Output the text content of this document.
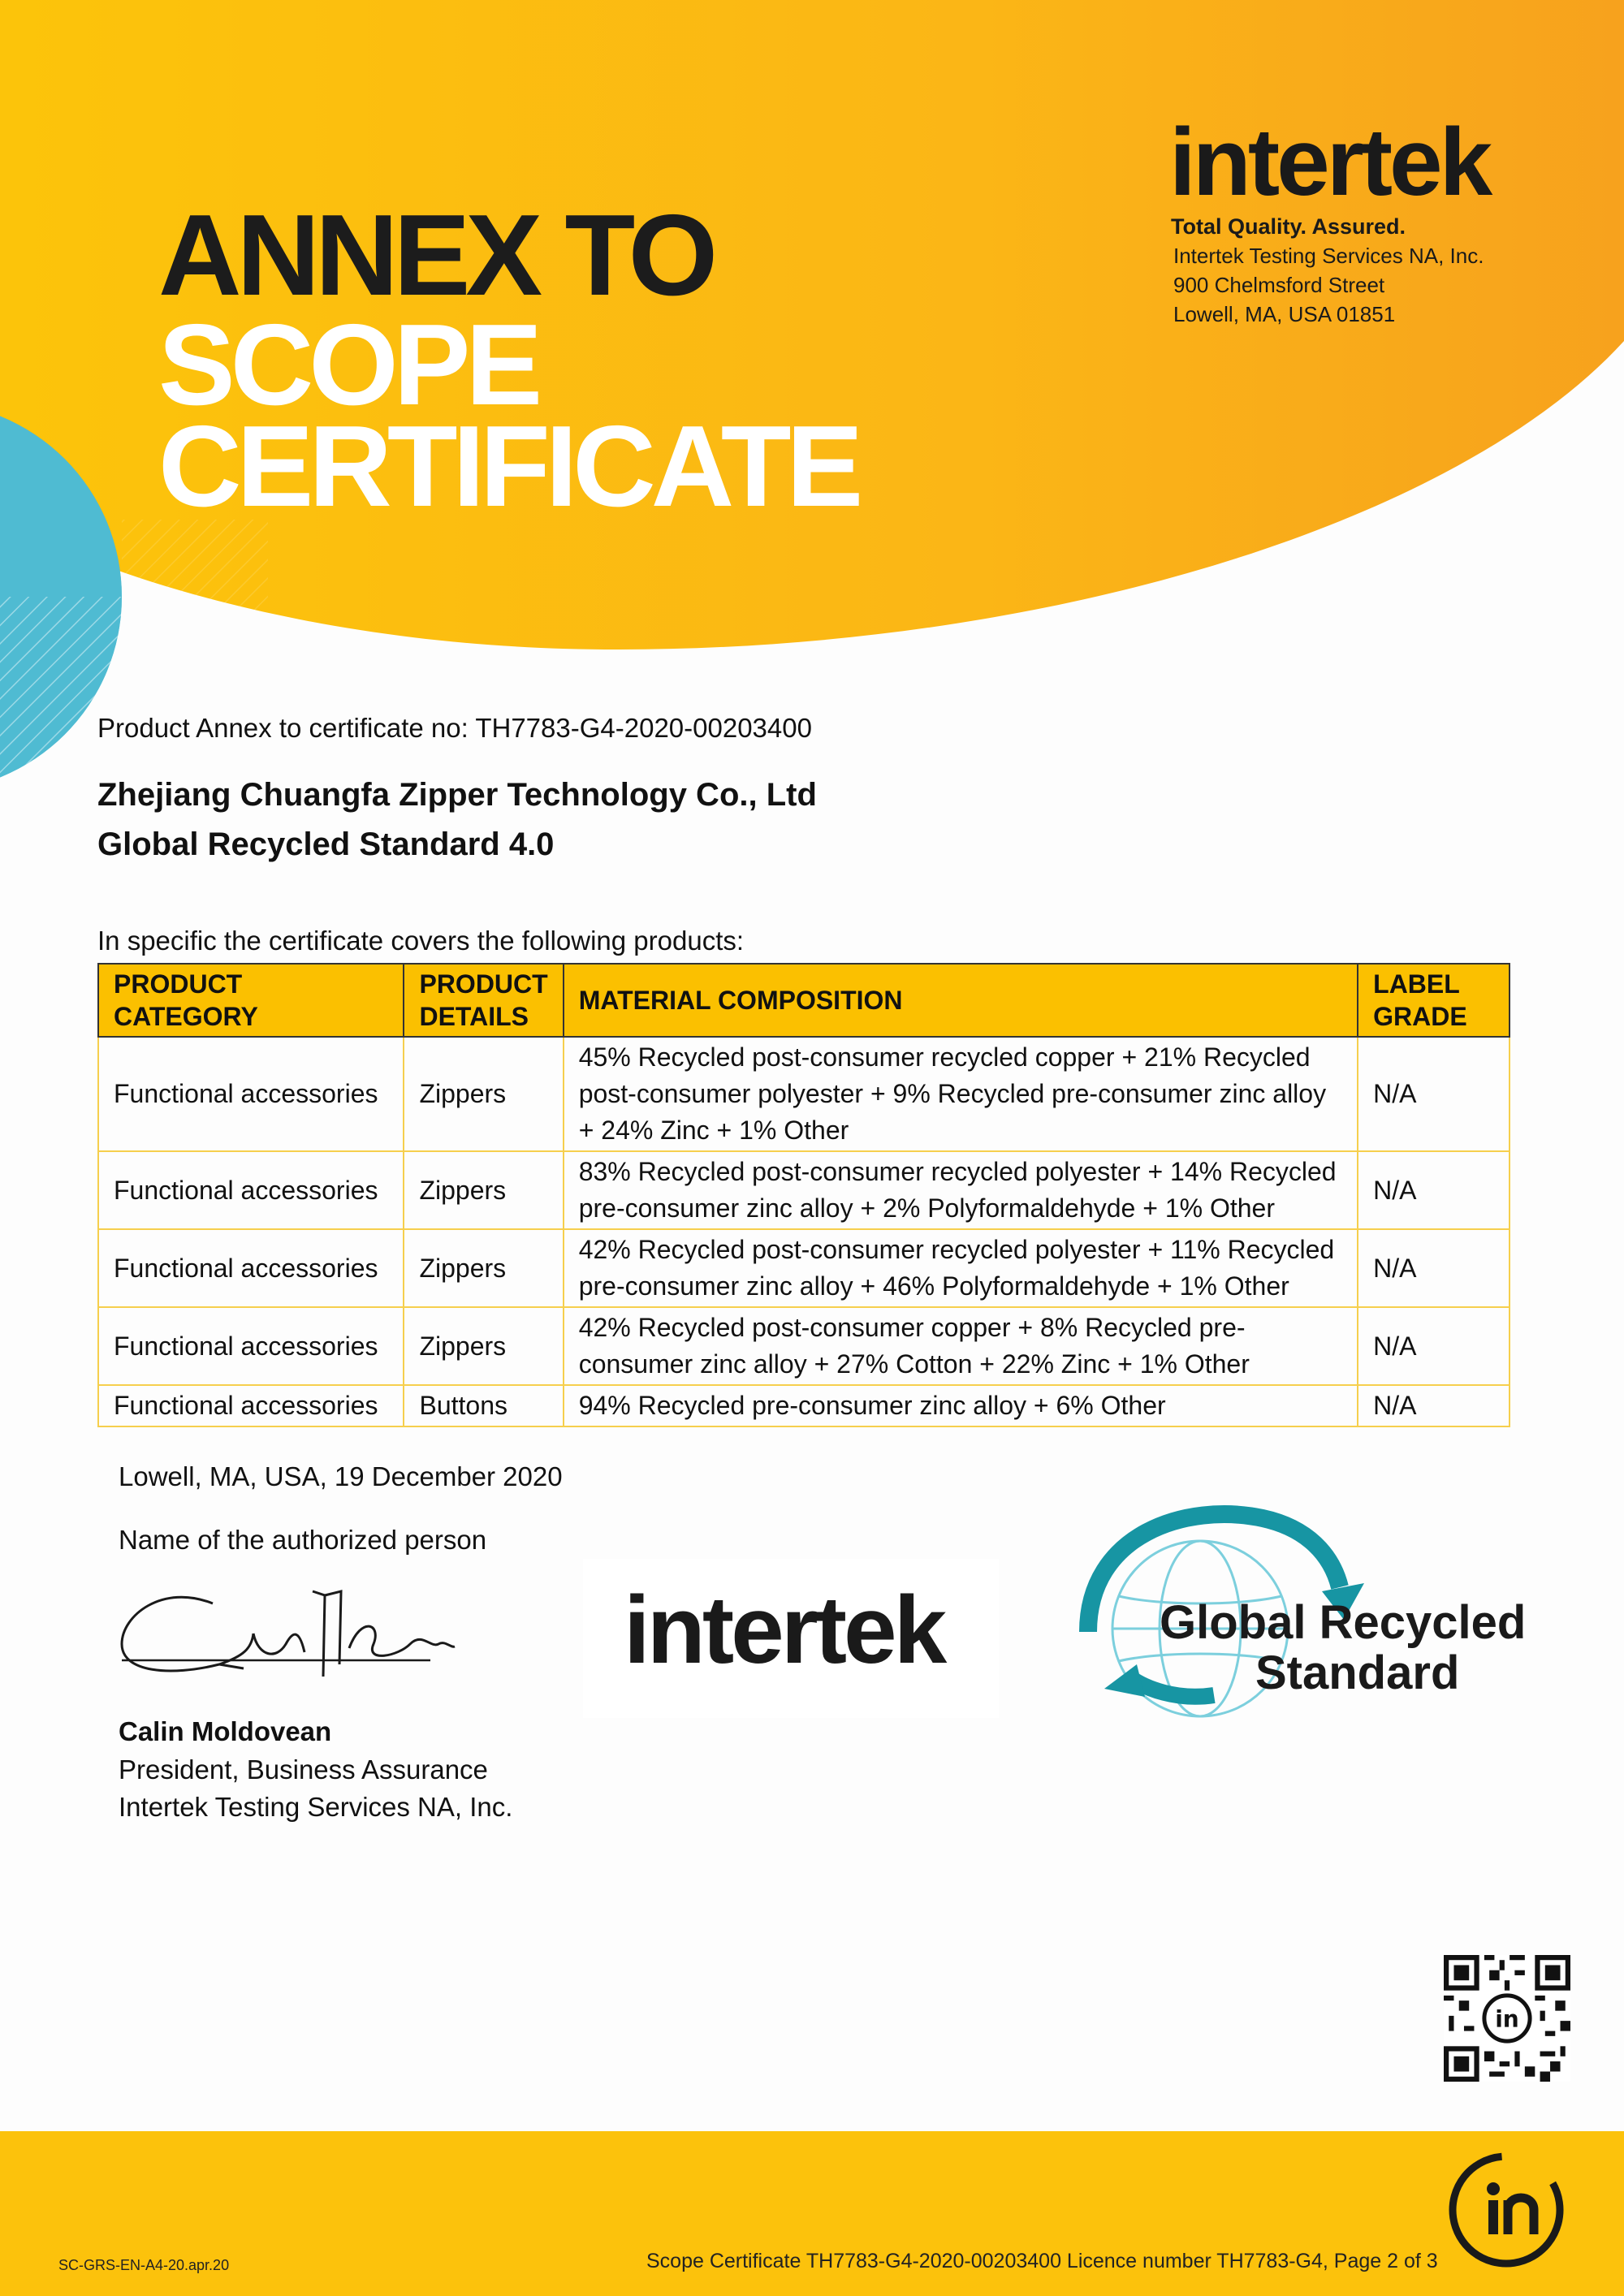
in
ANNEX TO
SCOPE
CERTIFICATE
intertek
Total Quality. Assured.
Intertek Testing Services NA, Inc.
900 Chelmsford Street
Lowell, MA, USA 01851
Product Annex to certificate no: TH7783-G4-2020-00203400
Zhejiang Chuangfa Zipper Technology Co., Ltd
Global Recycled Standard 4.0
In specific the certificate covers the following products:
PRODUCT CATEGORY	PRODUCT DETAILS	MATERIAL COMPOSITION	LABEL GRADE
Functional accessories	Zippers	45% Recycled post-consumer recycled copper + 21% Recycled post-consumer polyester + 9% Recycled pre-consumer zinc alloy + 24% Zinc + 1% Other	N/A
Functional accessories	Zippers	83% Recycled post-consumer recycled polyester + 14% Recycled pre-consumer zinc alloy + 2% Polyformaldehyde + 1% Other	N/A
Functional accessories	Zippers	42% Recycled post-consumer recycled polyester + 11% Recycled pre-consumer zinc alloy + 46% Polyformaldehyde + 1% Other	N/A
Functional accessories	Zippers	42% Recycled post-consumer copper + 8% Recycled pre-consumer zinc alloy + 27% Cotton + 22% Zinc + 1% Other	N/A
Functional accessories	Buttons	94% Recycled pre-consumer zinc alloy + 6% Other	N/A
Lowell, MA, USA, 19 December 2020
Name of the authorized person
Calin Moldovean
President, Business Assurance
Intertek Testing Services NA, Inc.
intertek	Global Recycled
Standard
SC-GRS-EN-A4-20.apr.20	Scope Certificate TH7783-G4-2020-00203400 Licence number TH7783-G4, Page 2 of 3
